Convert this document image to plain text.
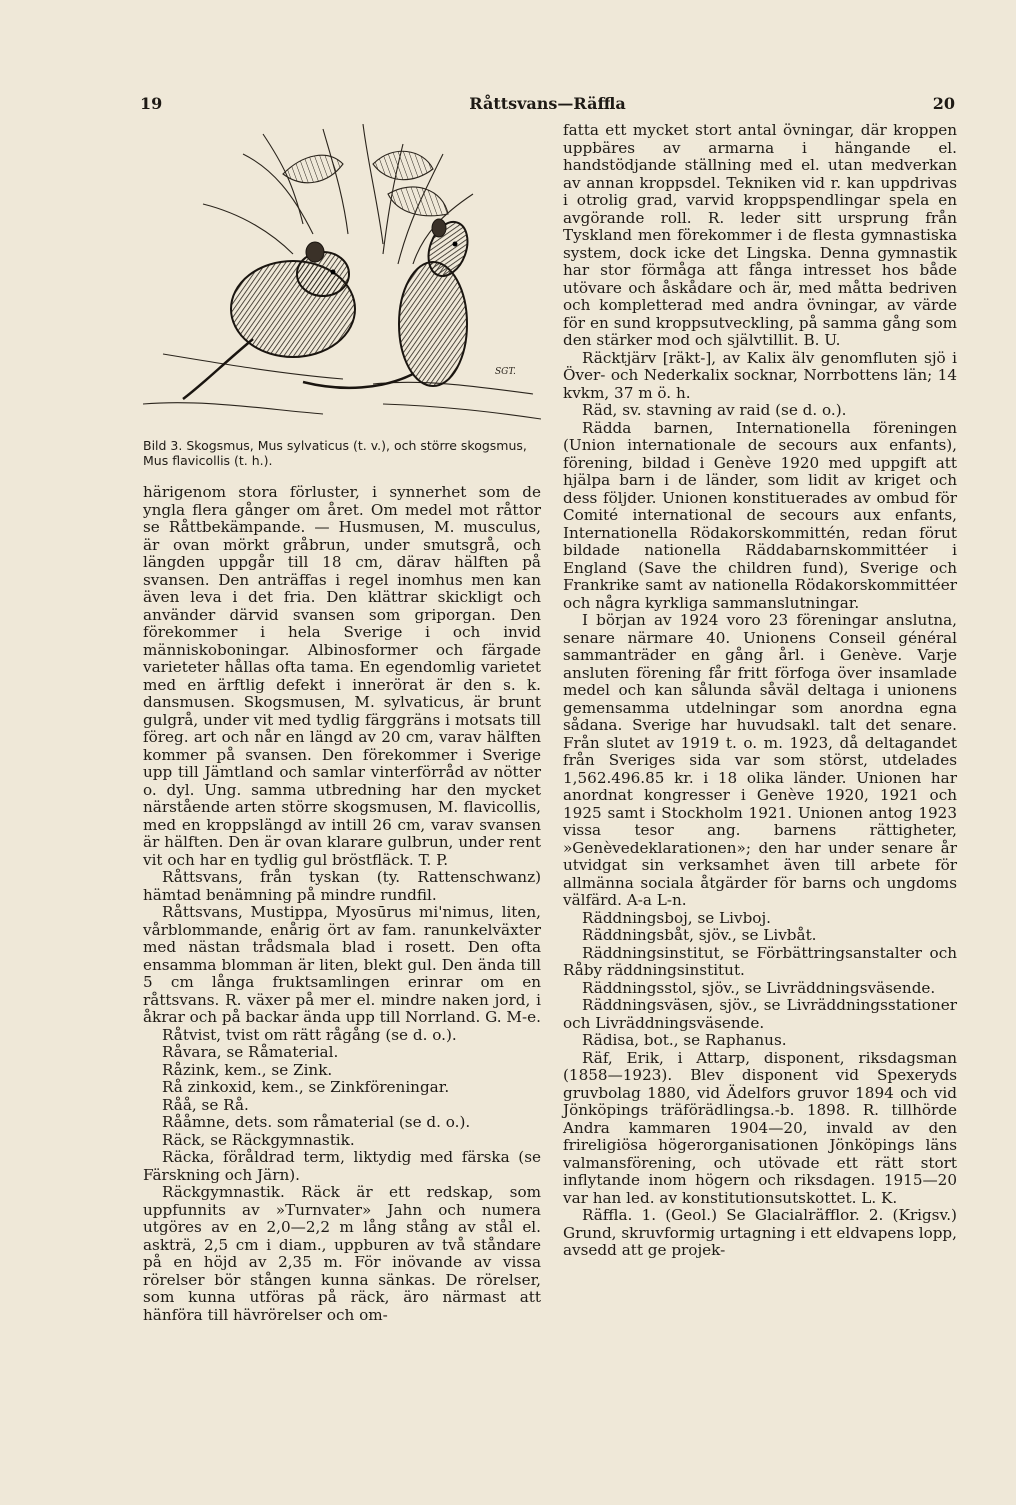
19	Råttsvans—Räffla	20
SGT.
Bild 3. Skogsmus, Mus sylvaticus (t. v.), och större skogsmus, Mus flavicollis (t. h.).

härigenom stora förluster, i synnerhet som de yngla flera gånger om året. Om medel mot råttor se Råttbekämpande. — Husmusen, M. musculus, är ovan mörkt gråbrun, under smutsgrå, och längden uppgår till 18 cm, därav hälften på svansen. Den anträffas i regel inomhus men kan även leva i det fria. Den klättrar skickligt och använder därvid svansen som griporgan. Den förekommer i hela Sverige i och invid människoboningar. Albinosformer och färgade varieteter hållas ofta tama. En egendomlig varietet med en ärftlig defekt i innerörat är den s. k. dansmusen. Skogsmusen, M. sylvaticus, är brunt gulgrå, under vit med tydlig färggräns i motsats till föreg. art och når en längd av 20 cm, varav hälften kommer på svansen. Den förekommer i Sverige upp till Jämtland och samlar vinterförråd av nötter o. dyl. Ung. samma utbredning har den mycket närstående arten större skogsmusen, M. flavicollis, med en kroppslängd av intill 26 cm, varav svansen är hälften. Den är ovan klarare gulbrun, under rent vit och har en tydlig gul bröstfläck. T. P.

Råttsvans, från tyskan (ty. Rattenschwanz) hämtad benämning på mindre rundfil.

Råttsvans, Mustippa, Myosūrus mi'nimus, liten, vårblommande, enårig ört av fam. ranunkelväxter med nästan trådsmala blad i rosett. Den ofta ensamma blomman är liten, blekt gul. Den ända till 5 cm långa fruktsamlingen erinrar om en råttsvans. R. växer på mer el. mindre naken jord, i åkrar och på backar ända upp till Norrland. G. M-e.

Råtvist, tvist om rätt rågång (se d. o.).

Råvara, se Råmaterial.

Råzink, kem., se Zink.

Rå zinkoxid, kem., se Zinkföreningar.

Råå, se Rå.

Rååmne, dets. som råmaterial (se d. o.).

Räck, se Räckgymnastik.

Räcka, föråldrad term, liktydig med färska (se Färskning och Järn).

Räckgymnastik. Räck är ett redskap, som uppfunnits av »Turnvater» Jahn och numera utgöres av en 2,0—2,2 m lång stång av stål el. askträ, 2,5 cm i diam., uppburen av två ståndare på en höjd av 2,35 m. För inövande av vissa rörelser bör stången kunna sänkas. De rörelser, som kunna utföras på räck, äro närmast att hänföra till hävrörelser och om-

fatta ett mycket stort antal övningar, där kroppen uppbäres av armarna i hängande el. handstödjande ställning med el. utan medverkan av annan kroppsdel. Tekniken vid r. kan uppdrivas i otrolig grad, varvid kroppspendlingar spela en avgörande roll. R. leder sitt ursprung från Tyskland men förekommer i de flesta gymnastiska system, dock icke det Lingska. Denna gymnastik har stor förmåga att fånga intresset hos både utövare och åskådare och är, med måtta bedriven och kompletterad med andra övningar, av värde för en sund kroppsutveckling, på samma gång som den stärker mod och självtillit. B. U.

Räcktjärv [räkt-], av Kalix älv genomfluten sjö i Över- och Nederkalix socknar, Norrbottens län; 14 kvkm, 37 m ö. h.

Räd, sv. stavning av raid (se d. o.).

Rädda barnen, Internationella föreningen (Union internationale de secours aux enfants), förening, bildad i Genève 1920 med uppgift att hjälpa barn i de länder, som lidit av kriget och dess följder. Unionen konstituerades av ombud för Comité international de secours aux enfants, Internationella Rödakorskommittén, redan förut bildade nationella Räddabarnskommittéer i England (Save the children fund), Sverige och Frankrike samt av nationella Rödakorskommittéer och några kyrkliga sammanslutningar.

I början av 1924 voro 23 föreningar anslutna, senare närmare 40. Unionens Conseil général sammanträder en gång årl. i Genève. Varje ansluten förening får fritt förfoga över insamlade medel och kan sålunda såväl deltaga i unionens gemensamma utdelningar som anordna egna sådana. Sverige har huvudsakl. talt det senare. Från slutet av 1919 t. o. m. 1923, då deltagandet från Sveriges sida var som störst, utdelades 1,562.496.85 kr. i 18 olika länder. Unionen har anordnat kongresser i Genève 1920, 1921 och 1925 samt i Stockholm 1921. Unionen antog 1923 vissa tesor ang. barnens rättigheter, »Genèvedeklarationen»; den har under senare år utvidgat sin verksamhet även till arbete för allmänna sociala åtgärder för barns och ungdoms välfärd. A-a L-n.

Räddningsboj, se Livboj.

Räddningsbåt, sjöv., se Livbåt.

Räddningsinstitut, se Förbättringsanstalter och Råby räddningsinstitut.

Räddningsstol, sjöv., se Livräddningsväsende.

Räddningsväsen, sjöv., se Livräddningsstationer och Livräddningsväsende.

Rädisa, bot., se Raphanus.

Räf, Erik, i Attarp, disponent, riksdagsman (1858—1923). Blev disponent vid Spexeryds gruvbolag 1880, vid Ädelfors gruvor 1894 och vid Jönköpings träförädlingsa.-b. 1898. R. tillhörde Andra kammaren 1904—20, invald av den frireligiösa högerorganisationen Jönköpings läns valmansförening, och utövade ett rätt stort inflytande inom högern och riksdagen. 1915—20 var han led. av konstitutionsutskottet. L. K.

Räffla. 1. (Geol.) Se Glacialräfflor. 2. (Krigsv.) Grund, skruvformig urtagning i ett eldvapens lopp, avsedd att ge projek-
